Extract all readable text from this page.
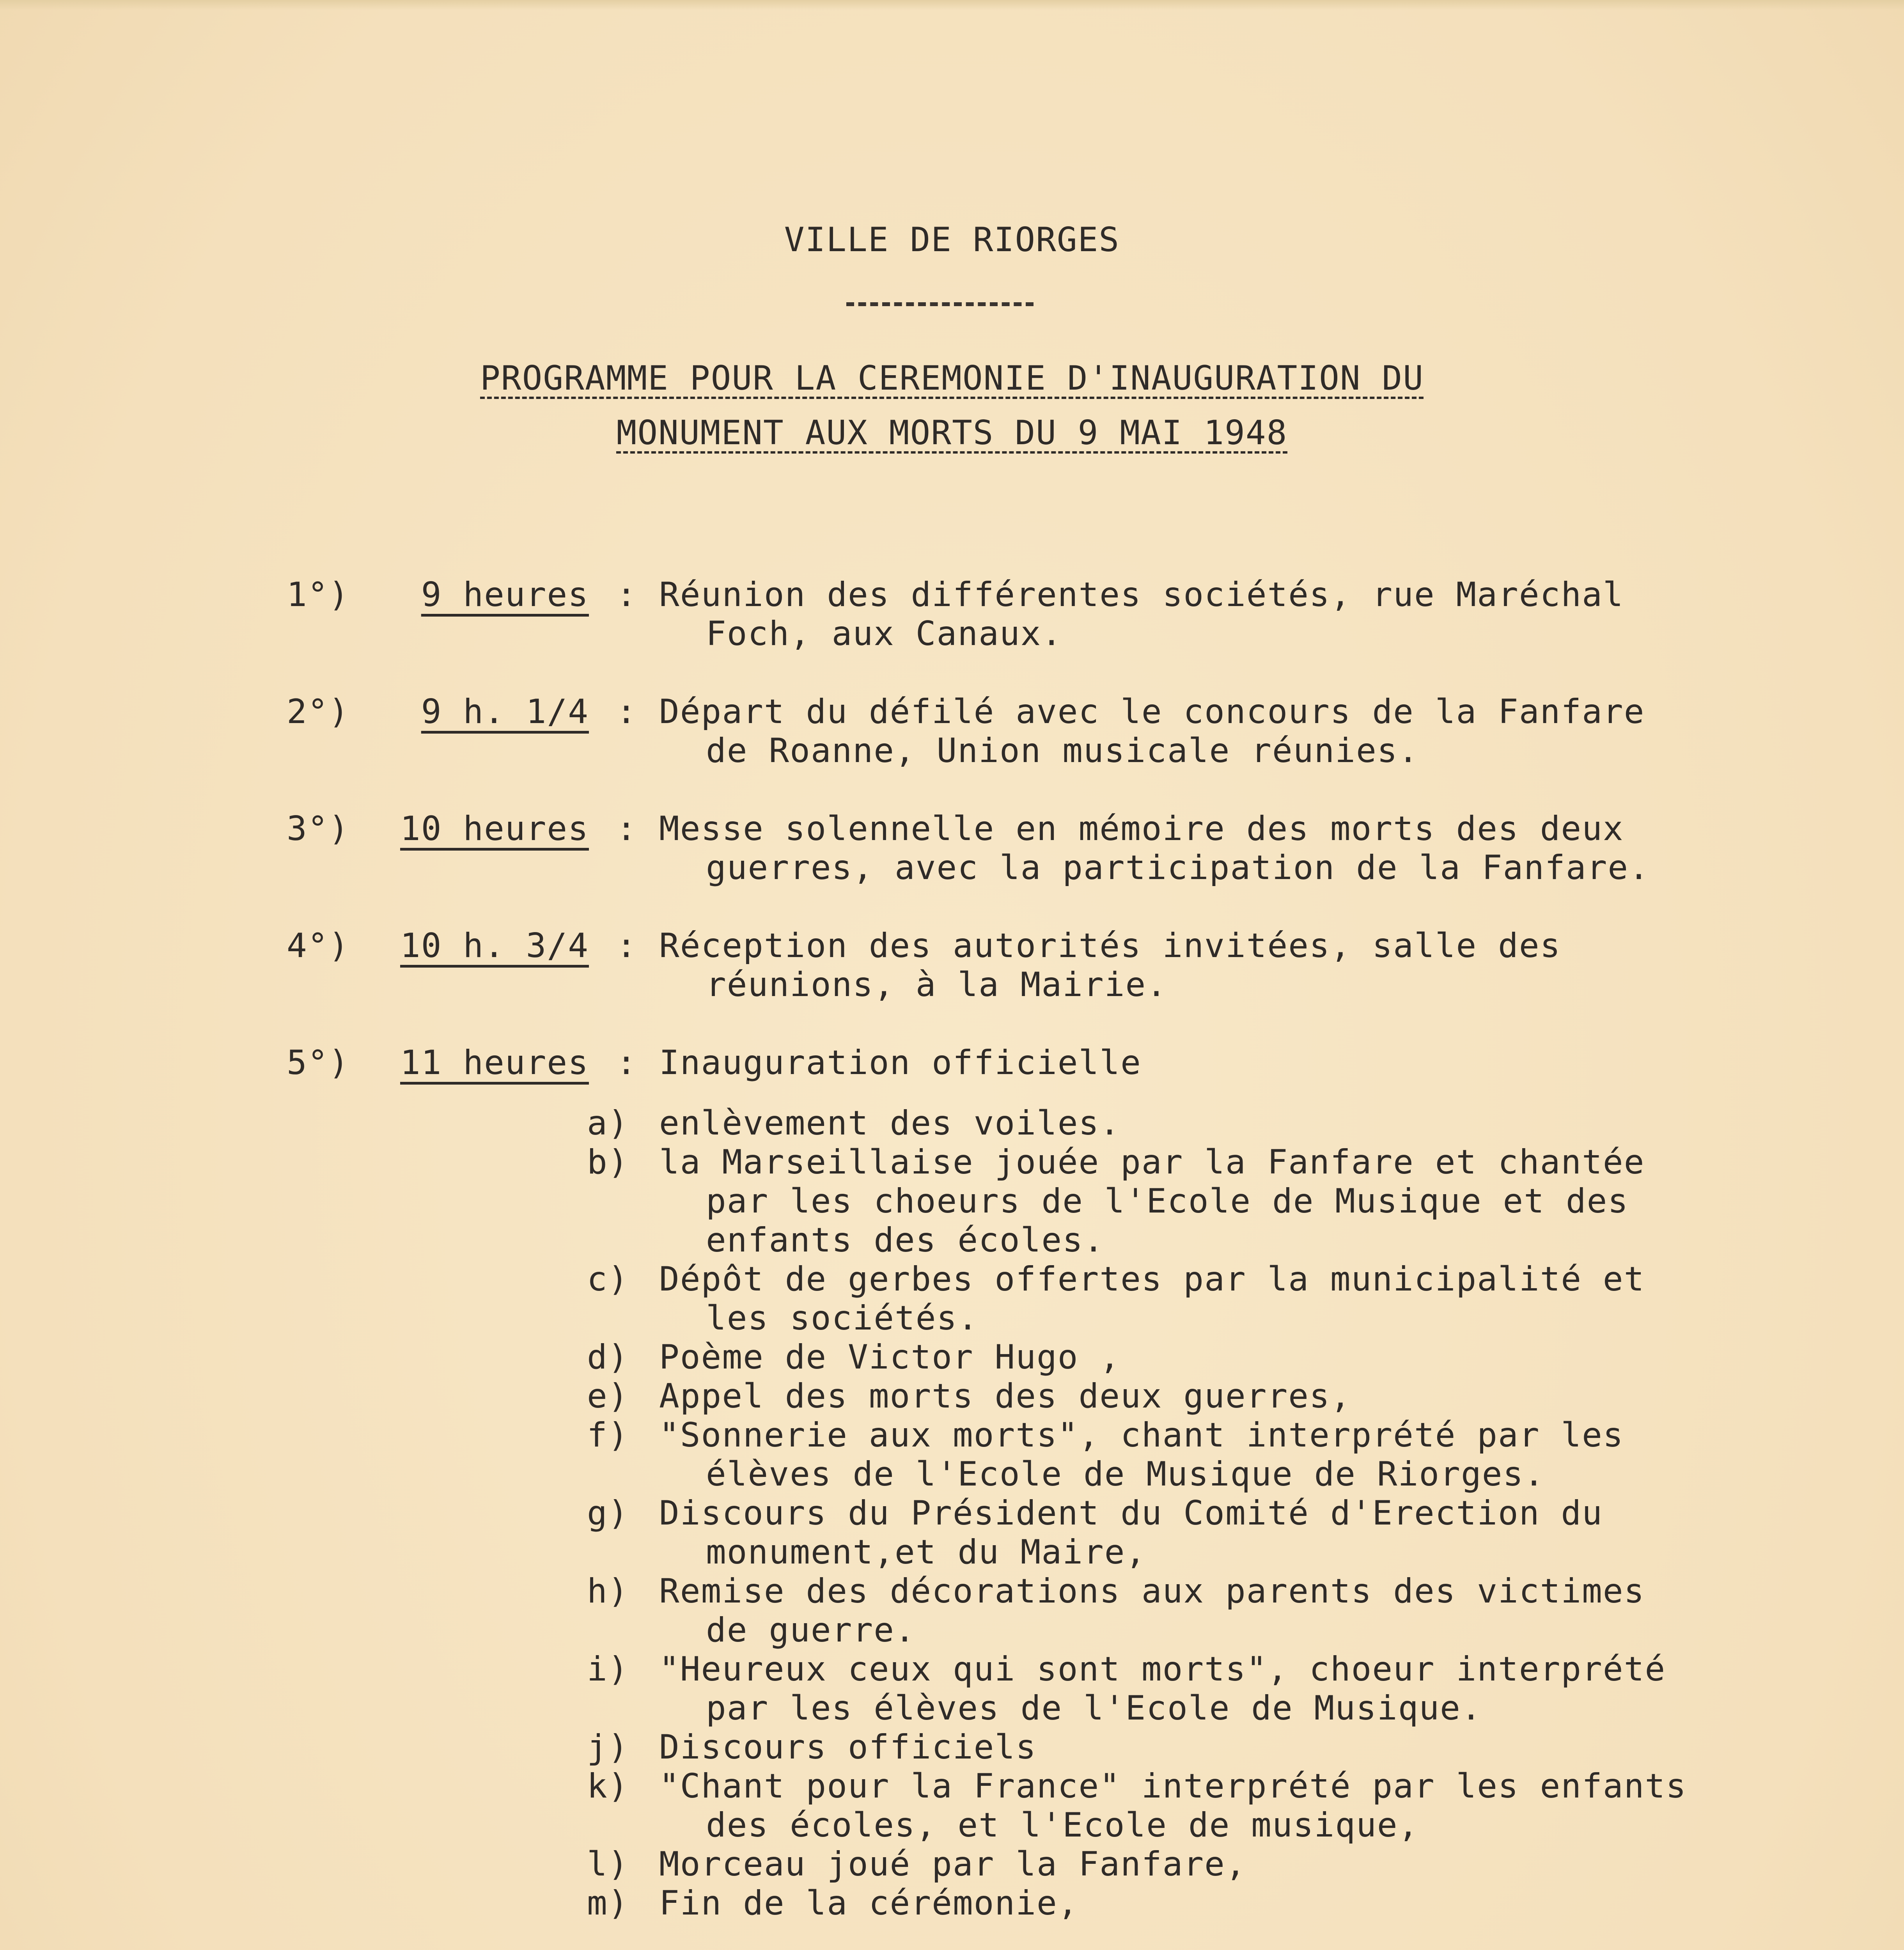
VILLE DE RIORGES

PROGRAMME POUR LA CEREMONIE D'INAUGURATION DU

MONUMENT AUX MORTS DU 9 MAI 1948

1°)	9 heures : Réunion des différentes sociétés, rue Maréchal
Foch, aux Canaux.
2°)	9 h. 1/4 : Départ du défilé avec le concours de la Fanfare
de Roanne, Union musicale réunies.
3°)	10 heures : Messe solennelle en mémoire des morts des deux
guerres, avec la participation de la Fanfare.
4°)	10 h. 3/4 : Réception des autorités invitées, salle des
réunions, à la Mairie.
5°)	11 heures : Inauguration officielle
a) enlèvement des voiles.
b) la Marseillaise jouée par la Fanfare et chantée
par les choeurs de l'Ecole de Musique et des
enfants des écoles.
c) Dépôt de gerbes offertes par la municipalité et
les sociétés.
d) Poème de Victor Hugo ,
e) Appel des morts des deux guerres,
f) "Sonnerie aux morts", chant interprété par les
élèves de l'Ecole de Musique de Riorges.
g) Discours du Président du Comité d'Erection du
monument,et du Maire,
h) Remise des décorations aux parents des victimes
de guerre.
i) "Heureux ceux qui sont morts", choeur interprété
par les élèves de l'Ecole de Musique.
j) Discours officiels
k) "Chant pour la France" interprété par les enfants
des écoles, et l'Ecole de musique,
l) Morceau joué par la Fanfare,
m) Fin de la cérémonie,
